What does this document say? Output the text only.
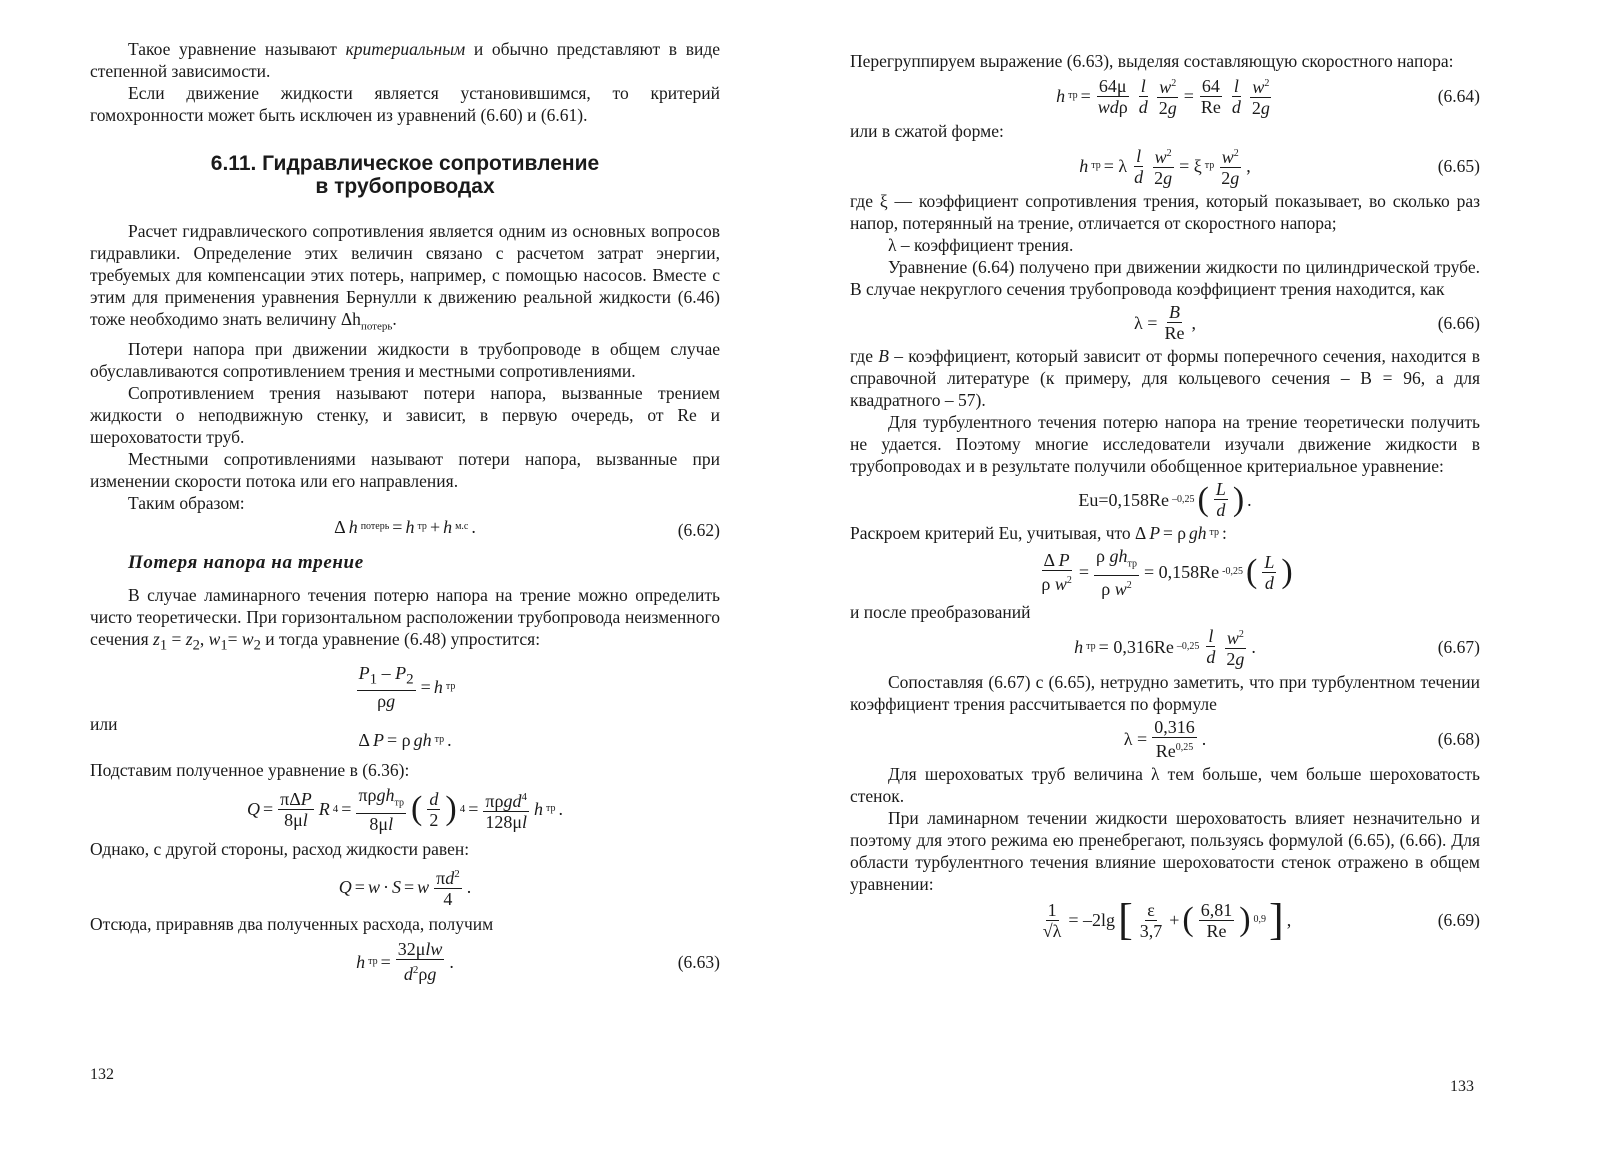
Такое уравнение называют критериальным и обычно представляют в виде степенной зависимости.

Если движение жидкости является установившимся, то критерий гомохронности может быть исключен из уравнений (6.60) и (6.61).

6.11. Гидравлическое сопротивление
в трубопроводах

Расчет гидравлического сопротивления является одним из основных вопросов гидравлики. Определение этих величин связано с расчетом затрат энергии, требуемых для компенсации этих потерь, например, с помощью насосов. Вместе с этим для применения уравнения Бернулли к движению реальной жидкости (6.46) тоже необходимо знать величину $\Delta h_{потерь}$.

Потери напора при движении жидкости в трубопроводе в общем случае обуславливаются сопротивлением трения и местными сопротивлениями.

Сопротивлением трения называют потери напора, вызванные трением жидкости о неподвижную стенку, и зависит, в первую очередь, от Re и шероховатости труб.

Местными сопротивлениями называют потери напора, вызванные при изменении скорости потока или его направления.

Таким образом:

Δ h потерь = h тр + h м.с .	(6.62)
Потеря напора на трение

В случае ламинарного течения потерю напора на трение можно определить чисто теоретически. При горизонтальном расположении трубопровода неизменного сечения $z_1 = z_2$, $w_1= w_2$ и тогда уравнение (6.48) упростится:

$P_1 - P_2$
ρg
= h тр

или

Δ P = ρ gh тр .

Подставим полученное уравнение в (6.36):

Q =
πΔP
8μl
R 4 =
πρgh$_{тр}$
8μl ( d
2 ) 4 = πρgd$^4$
128μl
h тр .

Однако, с другой стороны, расход жидкости равен:

Q = w · S = w $\pi d^2$
4
.

Отсюда, приравняв два полученных расхода, получим

h тр =
32μlw
$d^2\rho g$
.	(6.63)
132

Перегруппируем выражение (6.63), выделяя составляющую скоростного напора:

h тр =
64μ
wdρ
l
d
$w^2$
2g
=
64
Re
l
d
$w^2$
2g
(6.64)

или в сжатой форме:

h тр = λ
l
d
$w^2$
2g
= ξ тр $w^2$
2g
,	(6.65)

где ξ — коэффициент сопротивления трения, который показывает, во сколько раз напор, потерянный на трение, отличается от скоростного напора;

λ – коэффициент трения.

Уравнение (6.64) получено при движении жидкости по цилиндрической трубе. В случае некруглого сечения трубопровода коэффициент трения находится, как

λ =
B
Re
,	(6.66)

где B – коэффициент, который зависит от формы поперечного сечения, находится в справочной литературе (к примеру, для кольцевого сечения – B = 96, а для квадратного – 57).

Для турбулентного течения потерю напора на трение теоретически получить не удается. Поэтому многие исследователи изучали движение жидкости в трубопроводах и в результате получили обобщенное критериальное уравнение:

Eu=0,158Re –0,25 ( L
d ) .

Раскроем критерий Eu, учитывая, что Δ P = ρ gh тр :

Δ P
ρ $w^2$ =
ρ $gh_{тр}$
ρ $w^2$
= 0,158Re -0,25 ( L
d )

и после преобразований

h тр = 0,316Re –0,25 l
d
$w^2$
2g
.	(6.67)

Сопоставляя (6.67) с (6.65), нетрудно заметить, что при турбулентном течении коэффициент трения рассчитывается по формуле

λ =
0,316
Re$^{0,25}$ .	(6.68)

Для шероховатых труб величина λ тем больше, чем больше шероховатость стенок.

При ламинарном течении жидкости шероховатость влияет незначительно и поэтому для этого режима ею пренебрегают, пользуясь формулой (6.65), (6.66). Для области турбулентного течения влияние шероховатости стенок отражено в общем уравнении:

1
√λ
= –2lg [ ε
3,7
+ ( 6,81
Re ) 0,9 ] ,	(6.69)
133
